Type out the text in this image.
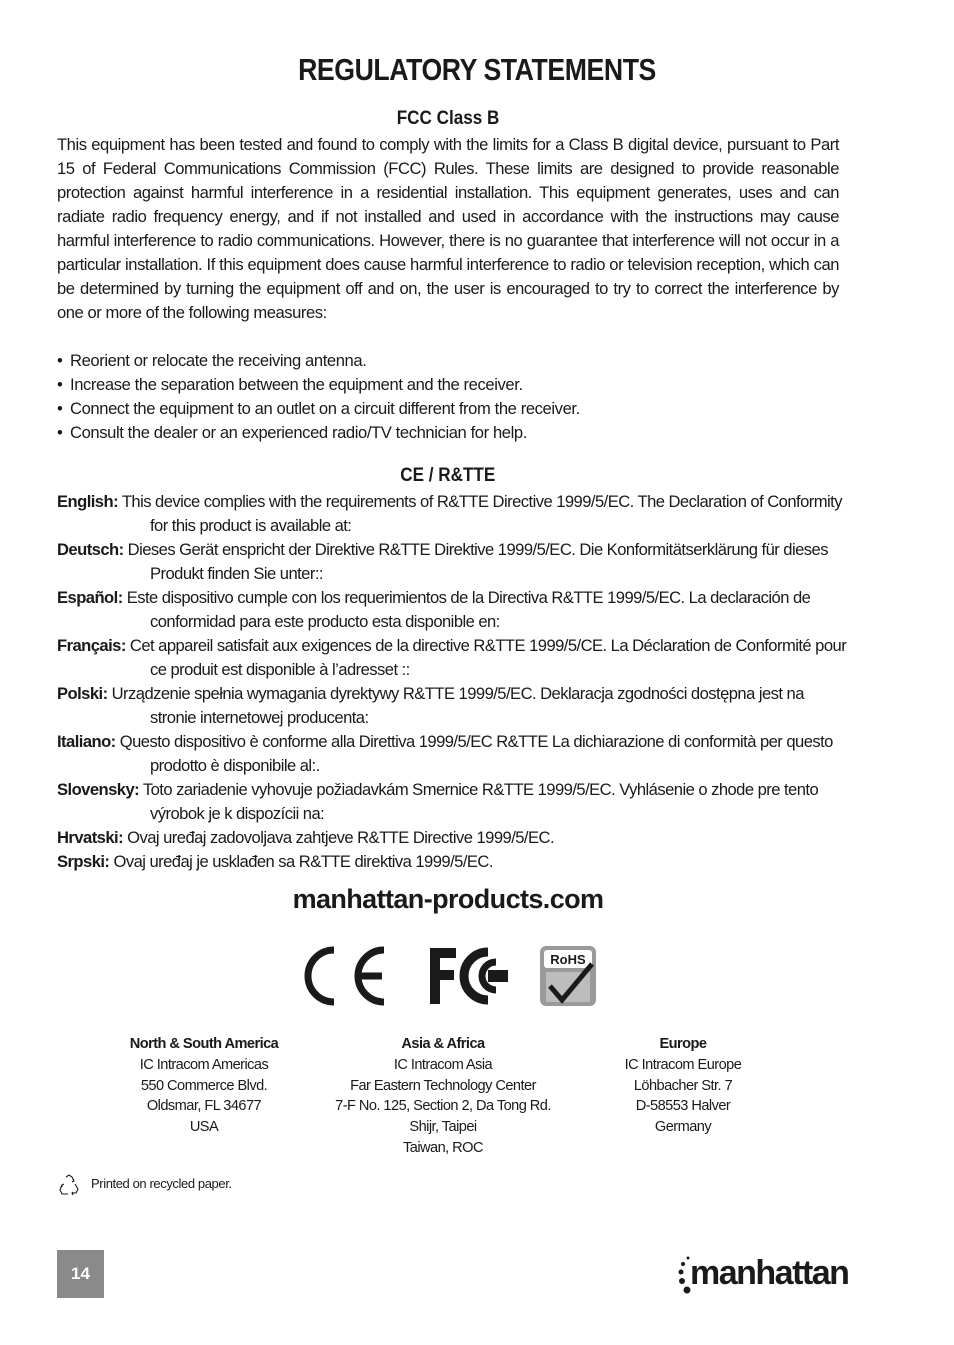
REGULATORY STATEMENTS
FCC Class B
This equipment has been tested and found to comply with the limits for a Class B digital device, pursuant to Part 15 of Federal Communications Commission (FCC) Rules. These limits are designed to provide reasonable protection against harmful interference in a residential installation. This equipment generates, uses and can radiate radio frequency energy, and if not installed and used in accordance with the instructions may cause harmful interference to radio communications. However, there is no guarantee that interference will not occur in a particular installation. If this equipment does cause harmful interference to radio or television reception, which can be determined by turning the equipment off and on, the user is encouraged to try to correct the interference by one or more of the following measures:
• Reorient or relocate the receiving antenna.
• Increase the separation between the equipment and the receiver.
• Connect the equipment to an outlet on a circuit different from the receiver.
• Consult the dealer or an experienced radio/TV technician for help.
CE / R&TTE
English: This device complies with the requirements of R&TTE Directive 1999/5/EC. The Declaration of Conformity for this product is available at:
Deutsch: Dieses Gerät enspricht der Direktive R&TTE Direktive 1999/5/EC. Die Konformitätserklärung für dieses Produkt finden Sie unter::
Español: Este dispositivo cumple con los requerimientos de la Directiva R&TTE 1999/5/EC. La declaración de conformidad para este producto esta disponible en:
Français: Cet appareil satisfait aux exigences de la directive R&TTE 1999/5/CE. La Déclaration de Conformité pour ce produit est disponible à l’adresset ::
Polski: Urządzenie spełnia wymagania dyrektywy R&TTE 1999/5/EC. Deklaracja zgodności dostępna jest na stronie internetowej producenta:
Italiano: Questo dispositivo è conforme alla Direttiva 1999/5/EC R&TTE La dichiarazione di conformità per questo prodotto è disponibile al:.
Slovensky: Toto zariadenie vyhovuje požiadavkám Smernice R&TTE 1999/5/EC. Vyhlásenie o zhode pre tento výrobok je k dispozícii na:
Hrvatski: Ovaj uređaj zadovoljava zahtjeve R&TTE Directive 1999/5/EC.
Srpski: Ovaj uređaj je usklađen sa R&TTE direktiva 1999/5/EC.
manhattan-products.com
RoHS
North & South America
IC Intracom Americas
550 Commerce Blvd.
Oldsmar, FL 34677
USA
Asia & Africa
IC Intracom Asia
Far Eastern Technology Center
7-F No. 125, Section 2, Da Tong Rd.
Shijr, Taipei
Taiwan, ROC
Europe
IC Intracom Europe
Löhbacher Str. 7
D-58553 Halver
Germany
Printed on recycled paper.
14	manhattan
